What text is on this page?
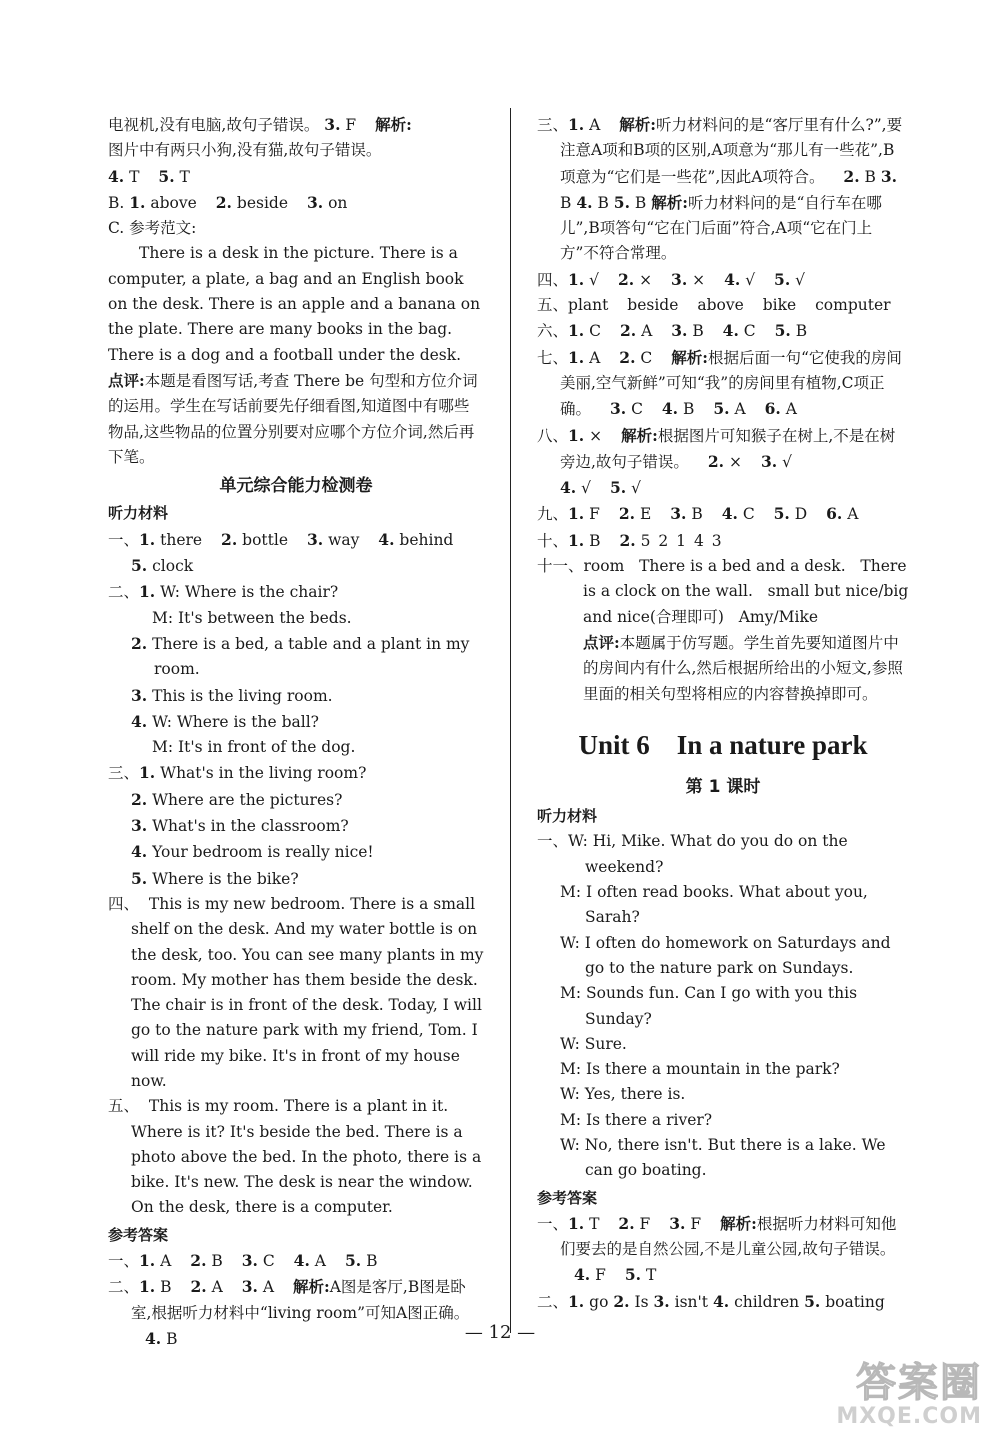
电视机,没有电脑,故句子错误。 3. F 解析:

图片中有两只小狗,没有猫,故句子错误。

4. T 5. T

B. 1. above 2. beside 3. on

C. 参考范文:

There is a desk in the picture. There is a computer, a plate, a bag and an English book on the desk. There is an apple and a banana on the plate. There are many books in the bag. There is a dog and a football under the desk.

点评:本题是看图写话,考查 There be 句型和方位介词的运用。学生在写话前要先仔细看图,知道图中有哪些物品,这些物品的位置分别要对应哪个方位介词,然后再下笔。

单元综合能力检测卷

听力材料

一、1. there 2. bottle 3. way 4. behind

5. clock

二、1. W: Where is the chair?

M: It's between the beds.

2. There is a bed, a table and a plant in my room.

3. This is the living room.

4. W: Where is the ball?

M: It's in front of the dog.

三、1. What's in the living room?

2. Where are the pictures?

3. What's in the classroom?

4. Your bedroom is really nice!

5. Where is the bike?

四、 This is my new bedroom. There is a small shelf on the desk. And my water bottle is on the desk, too. You can see many plants in my room. My mother has them beside the desk. The chair is in front of the desk. Today, I will go to the nature park with my friend, Tom. I will ride my bike. It's in front of my house now.

五、 This is my room. There is a plant in it. Where is it? It's beside the bed. There is a photo above the bed. In the photo, there is a bike. It's new. The desk is near the window. On the desk, there is a computer.

参考答案

一、1. A 2. B 3. C 4. A 5. B

二、1. B 2. A 3. A 解析:A图是客厅,B图是卧室,根据听力材料中“living room”可知A图正确。 4. B

三、1. A 解析:听力材料问的是“客厅里有什么?”,要注意A项和B项的区别,A项意为“那儿有一些花”,B项意为“它们是一些花”,因此A项符合。 2. B 3. B 4. B 5. B 解析:听力材料问的是“自行车在哪儿”,B项答句“它在门后面”符合,A项“它在门上方”不符合常理。

四、1. √ 2. × 3. × 4. √ 5. √

五、plant beside above bike computer

六、1. C 2. A 3. B 4. C 5. B

七、1. A 2. C 解析:根据后面一句“它使我的房间美丽,空气新鲜”可知“我”的房间里有植物,C项正确。 3. C 4. B 5. A 6. A

八、1. × 解析:根据图片可知猴子在树上,不是在树旁边,故句子错误。 2. × 3. √

4. √ 5. √

九、1. F 2. E 3. B 4. C 5. D 6. A

十、1. B 2. 5 2 1 4 3

十一、room   There is a bed and a desk.   There is a clock on the wall.   small but nice/big and nice(合理即可)   Amy/Mike

点评:本题属于仿写题。学生首先要知道图片中的房间内有什么,然后根据所给出的小短文,参照里面的相关句型将相应的内容替换掉即可。

Unit 6    In a nature park

第 1 课时

听力材料

一、W: Hi, Mike. What do you do on the weekend?

M: I often read books. What about you, Sarah?

W: I often do homework on Saturdays and go to the nature park on Sundays.

M: Sounds fun. Can I go with you this Sunday?

W: Sure.

M: Is there a mountain in the park?

W: Yes, there is.

M: Is there a river?

W: No, there isn't. But there is a lake. We can go boating.

参考答案

一、1. T 2. F 3. F 解析:根据听力材料可知他们要去的是自然公园,不是儿童公园,故句子错误。 4. F 5. T

二、1. go 2. Is 3. isn't 4. children 5. boating

— 12 —
答案圈
MXQE.COM
